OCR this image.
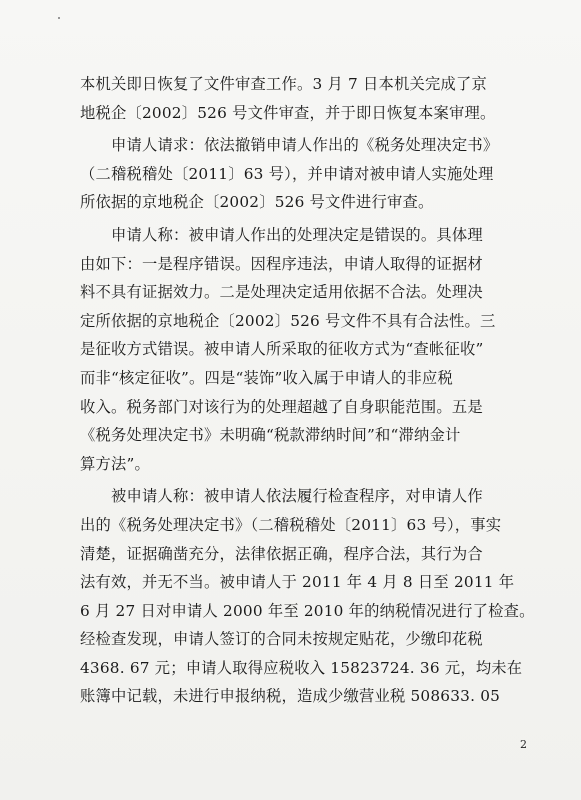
本机关即日恢复了文件审查工作。3 月 7 日本机关完成了京
地税企〔2002〕526 号文件审查，并于即日恢复本案审理。
　　申请人请求：依法撤销申请人作出的《税务处理决定书》
（二稽税稽处〔2011〕63 号），并申请对被申请人实施处理
所依据的京地税企〔2002〕526 号文件进行审查。
　　申请人称：被申请人作出的处理决定是错误的。具体理
由如下：一是程序错误。因程序违法，申请人取得的证据材
料不具有证据效力。二是处理决定适用依据不合法。处理决
定所依据的京地税企〔2002〕526 号文件不具有合法性。三
是征收方式错误。被申请人所采取的征收方式为“查帐征收”
而非“核定征收”。四是“装饰”收入属于申请人的非应税
收入。税务部门对该行为的处理超越了自身职能范围。五是
《税务处理决定书》未明确“税款滞纳时间”和“滞纳金计
算方法”。
　　被申请人称：被申请人依法履行检查程序，对申请人作
出的《税务处理决定书》（二稽税稽处〔2011〕63 号），事实
清楚，证据确凿充分，法律依据正确，程序合法，其行为合
法有效，并无不当。被申请人于 2011 年 4 月 8 日至 2011 年
6 月 27 日对申请人 2000 年至 2010 年的纳税情况进行了检查。
经检查发现，申请人签订的合同未按规定贴花，少缴印花税
4368. 67 元；申请人取得应税收入 15823724. 36 元，均未在
账簿中记载，未进行申报纳税，造成少缴营业税 508633. 05
2
